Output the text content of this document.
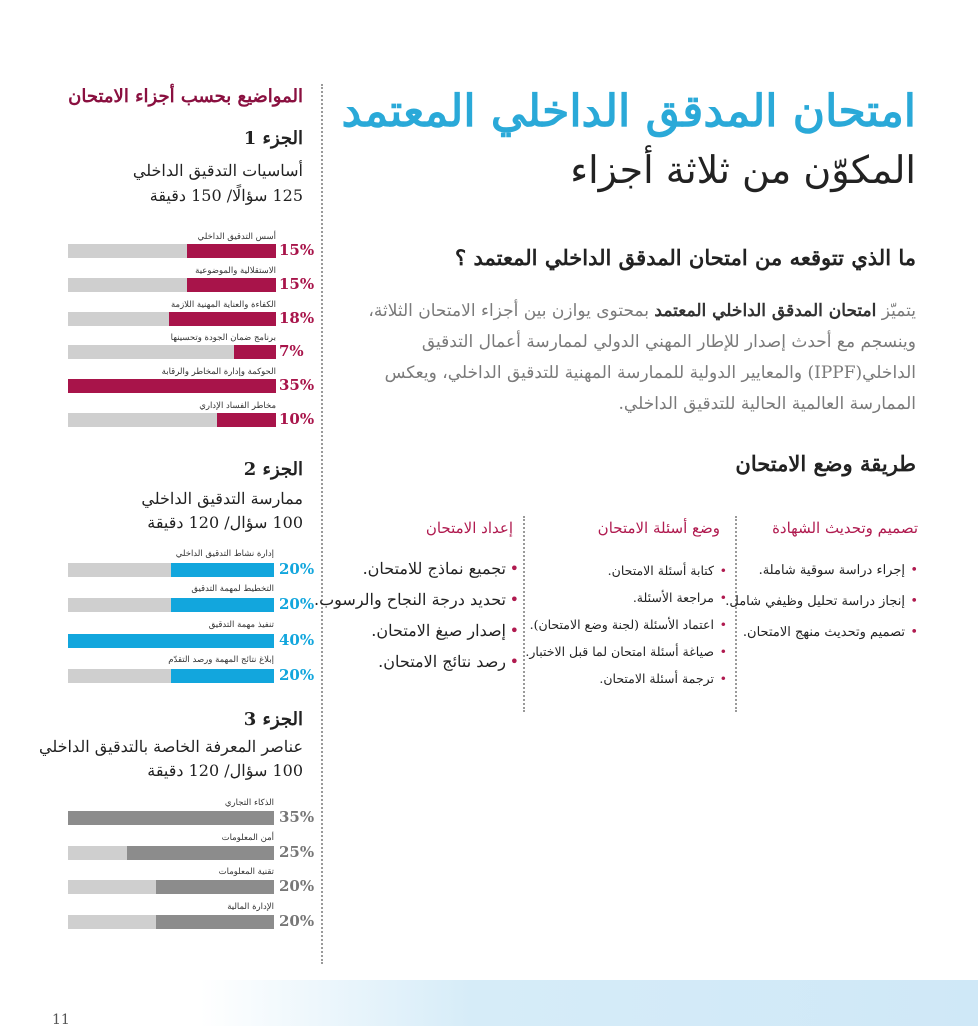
11
امتحان المدقق الداخلي المعتمد
المكوّن من ثلاثة أجزاء
ما الذي تتوقعه من امتحان المدقق الداخلي المعتمد ؟
يتميّز امتحان المدقق الداخلي المعتمد بمحتوى يوازن بين أجزاء الامتحان الثلاثة، وينسجم مع أحدث إصدار للإطار المهني الدولي لممارسة أعمال التدقيق الداخلي(IPPF) والمعايير الدولية للممارسة المهنية للتدقيق الداخلي، ويعكس الممارسة العالمية الحالية للتدقيق الداخلي.
طريقة وضع الامتحان
تصميم وتحديث الشهادة
وضع أسئلة الامتحان
إعداد الامتحان
• إجراء دراسة سوقية شاملة.
• إنجاز دراسة تحليل وظيفي شامل.
• تصميم وتحديث منهج الامتحان.
• كتابة أسئلة الامتحان.
• مراجعة الأسئلة.
• اعتماد الأسئلة (لجنة وضع الامتحان).
• صياغة أسئلة امتحان لما قبل الاختبار.
• ترجمة أسئلة الامتحان.
• تجميع نماذج للامتحان.
• تحديد درجة النجاح والرسوب.
• إصدار صيغ الامتحان.
• رصد نتائج الامتحان.
المواضيع بحسب أجزاء الامتحان
الجزء 1
أساسيات التدقيق الداخلي
125 سؤالًا/ 150 دقيقة
الجزء 2
ممارسة التدقيق الداخلي
100 سؤال/ 120 دقيقة
الجزء 3
عناصر المعرفة الخاصة بالتدقيق الداخلي
100 سؤال/ 120 دقيقة
أسس التدقيق الداخلي
15%
الاستقلالية والموضوعية
15%
الكفاءة والعناية المهنية اللازمة
18%
برنامج ضمان الجودة وتحسينها
7%
الحوكمة وإدارة المخاطر والرقابة
35%
مخاطر الفساد الإداري
10%
إدارة نشاط التدقيق الداخلي
20%
التخطيط لمهمة التدقيق
20%
تنفيذ مهمة التدقيق
40%
إبلاغ نتائج المهمة ورصد التقدّم
20%
الذكاء التجاري
35%
أمن المعلومات
25%
تقنية المعلومات
20%
الإدارة المالية
20%
